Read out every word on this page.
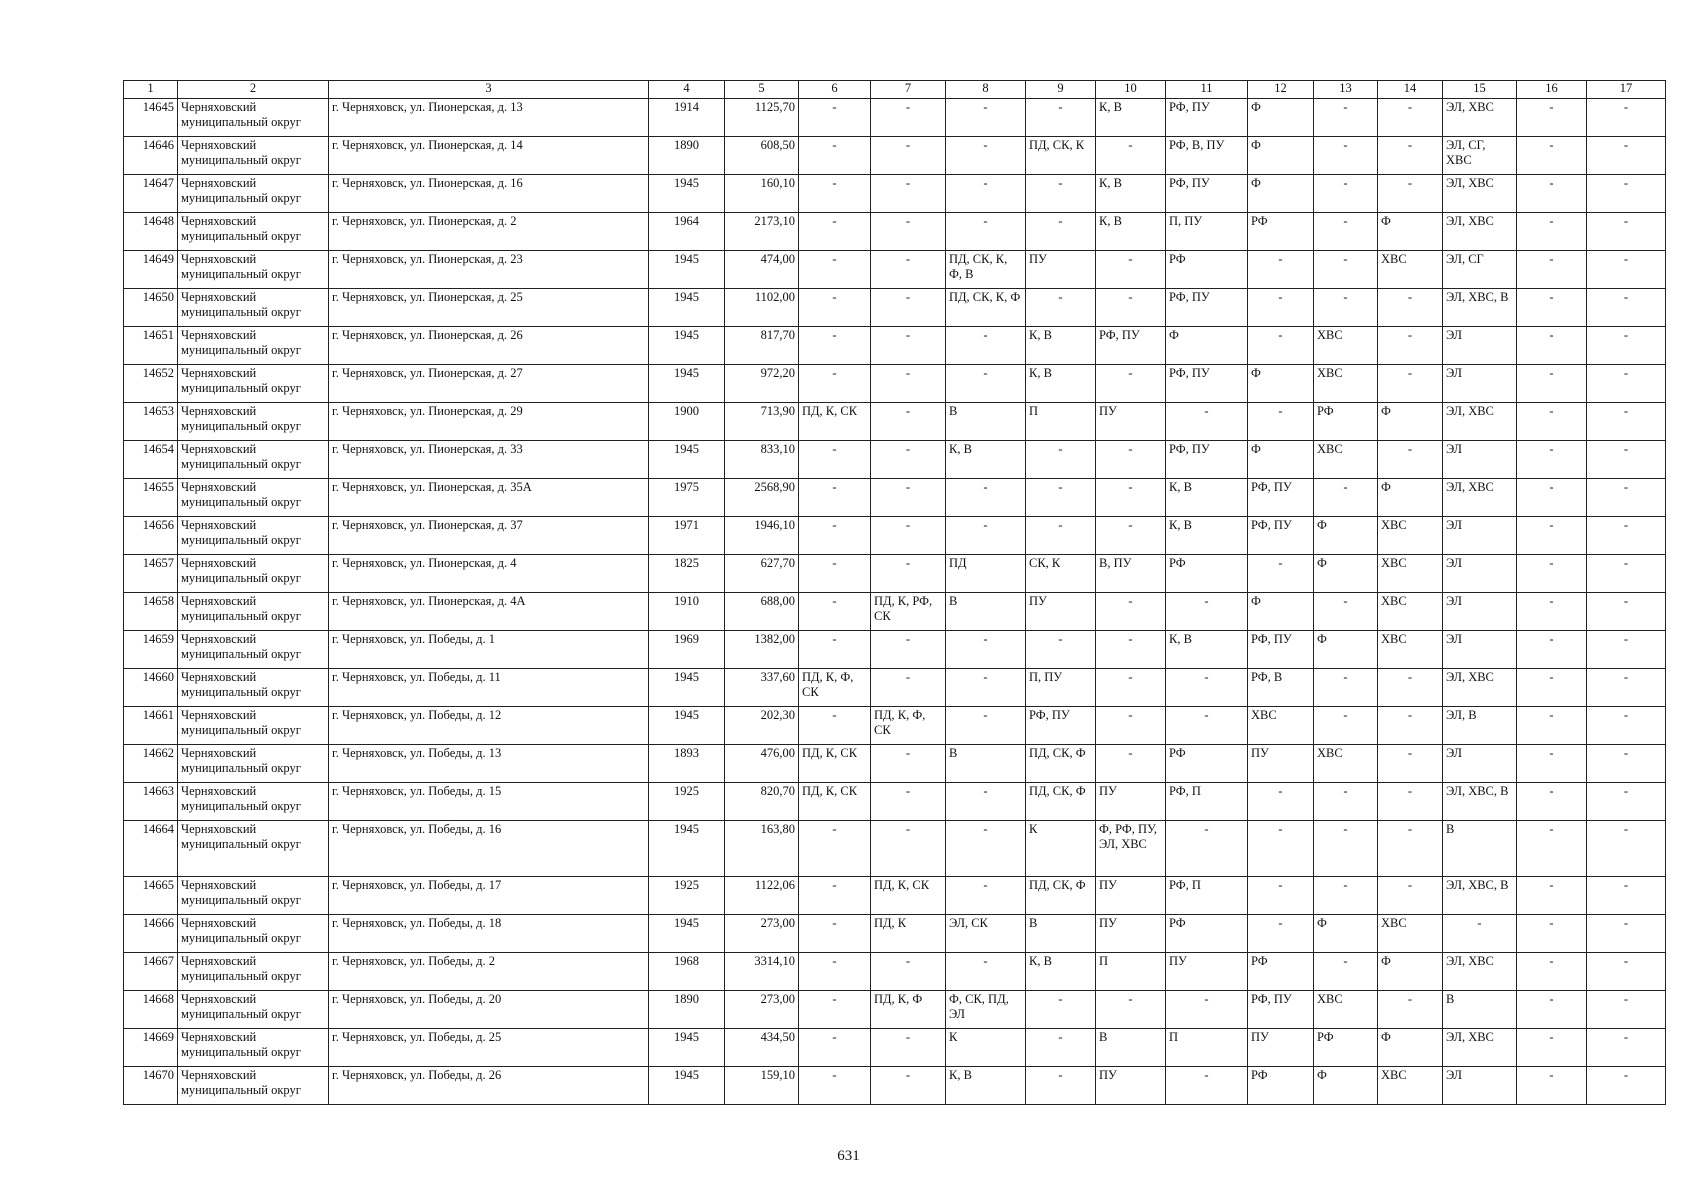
1	2	3	4	5	6	7	8	9	10	11	12	13	14	15	16	17
14645	Черняховский муниципальный округ	г. Черняховск, ул. Пионерская, д. 13	1914	1125,70	-	-	-	-	К, В	РФ, ПУ	Ф	-	-	ЭЛ, ХВС	-	-
14646	Черняховский муниципальный округ	г. Черняховск, ул. Пионерская, д. 14	1890	608,50	-	-	-	ПД, СК, К	-	РФ, В, ПУ	Ф	-	-	ЭЛ, СГ, ХВС	-	-
14647	Черняховский муниципальный округ	г. Черняховск, ул. Пионерская, д. 16	1945	160,10	-	-	-	-	К, В	РФ, ПУ	Ф	-	-	ЭЛ, ХВС	-	-
14648	Черняховский муниципальный округ	г. Черняховск, ул. Пионерская, д. 2	1964	2173,10	-	-	-	-	К, В	П, ПУ	РФ	-	Ф	ЭЛ, ХВС	-	-
14649	Черняховский муниципальный округ	г. Черняховск, ул. Пионерская, д. 23	1945	474,00	-	-	ПД, СК, К, Ф, В	ПУ	-	РФ	-	-	ХВС	ЭЛ, СГ	-	-
14650	Черняховский муниципальный округ	г. Черняховск, ул. Пионерская, д. 25	1945	1102,00	-	-	ПД, СК, К, Ф	-	-	РФ, ПУ	-	-	-	ЭЛ, ХВС, В	-	-
14651	Черняховский муниципальный округ	г. Черняховск, ул. Пионерская, д. 26	1945	817,70	-	-	-	К, В	РФ, ПУ	Ф	-	ХВС	-	ЭЛ	-	-
14652	Черняховский муниципальный округ	г. Черняховск, ул. Пионерская, д. 27	1945	972,20	-	-	-	К, В	-	РФ, ПУ	Ф	ХВС	-	ЭЛ	-	-
14653	Черняховский муниципальный округ	г. Черняховск, ул. Пионерская, д. 29	1900	713,90	ПД, К, СК	-	В	П	ПУ	-	-	РФ	Ф	ЭЛ, ХВС	-	-
14654	Черняховский муниципальный округ	г. Черняховск, ул. Пионерская, д. 33	1945	833,10	-	-	К, В	-	-	РФ, ПУ	Ф	ХВС	-	ЭЛ	-	-
14655	Черняховский муниципальный округ	г. Черняховск, ул. Пионерская, д. 35А	1975	2568,90	-	-	-	-	-	К, В	РФ, ПУ	-	Ф	ЭЛ, ХВС	-	-
14656	Черняховский муниципальный округ	г. Черняховск, ул. Пионерская, д. 37	1971	1946,10	-	-	-	-	-	К, В	РФ, ПУ	Ф	ХВС	ЭЛ	-	-
14657	Черняховский муниципальный округ	г. Черняховск, ул. Пионерская, д. 4	1825	627,70	-	-	ПД	СК, К	В, ПУ	РФ	-	Ф	ХВС	ЭЛ	-	-
14658	Черняховский муниципальный округ	г. Черняховск, ул. Пионерская, д. 4А	1910	688,00	-	ПД, К, РФ, СК	В	ПУ	-	-	Ф	-	ХВС	ЭЛ	-	-
14659	Черняховский муниципальный округ	г. Черняховск, ул. Победы, д. 1	1969	1382,00	-	-	-	-	-	К, В	РФ, ПУ	Ф	ХВС	ЭЛ	-	-
14660	Черняховский муниципальный округ	г. Черняховск, ул. Победы, д. 11	1945	337,60	ПД, К, Ф, СК	-	-	П, ПУ	-	-	РФ, В	-	-	ЭЛ, ХВС	-	-
14661	Черняховский муниципальный округ	г. Черняховск, ул. Победы, д. 12	1945	202,30	-	ПД, К, Ф, СК	-	РФ, ПУ	-	-	ХВС	-	-	ЭЛ, В	-	-
14662	Черняховский муниципальный округ	г. Черняховск, ул. Победы, д. 13	1893	476,00	ПД, К, СК	-	В	ПД, СК, Ф	-	РФ	ПУ	ХВС	-	ЭЛ	-	-
14663	Черняховский муниципальный округ	г. Черняховск, ул. Победы, д. 15	1925	820,70	ПД, К, СК	-	-	ПД, СК, Ф	ПУ	РФ, П	-	-	-	ЭЛ, ХВС, В	-	-
14664	Черняховский муниципальный округ	г. Черняховск, ул. Победы, д. 16	1945	163,80	-	-	-	К	Ф, РФ, ПУ, ЭЛ, ХВС	-	-	-	-	В	-	-
14665	Черняховский муниципальный округ	г. Черняховск, ул. Победы, д. 17	1925	1122,06	-	ПД, К, СК	-	ПД, СК, Ф	ПУ	РФ, П	-	-	-	ЭЛ, ХВС, В	-	-
14666	Черняховский муниципальный округ	г. Черняховск, ул. Победы, д. 18	1945	273,00	-	ПД, К	ЭЛ, СК	В	ПУ	РФ	-	Ф	ХВС	-	-	-
14667	Черняховский муниципальный округ	г. Черняховск, ул. Победы, д. 2	1968	3314,10	-	-	-	К, В	П	ПУ	РФ	-	Ф	ЭЛ, ХВС	-	-
14668	Черняховский муниципальный округ	г. Черняховск, ул. Победы, д. 20	1890	273,00	-	ПД, К, Ф	Ф, СК, ПД, ЭЛ	-	-	-	РФ, ПУ	ХВС	-	В	-	-
14669	Черняховский муниципальный округ	г. Черняховск, ул. Победы, д. 25	1945	434,50	-	-	К	-	В	П	ПУ	РФ	Ф	ЭЛ, ХВС	-	-
14670	Черняховский муниципальный округ	г. Черняховск, ул. Победы, д. 26	1945	159,10	-	-	К, В	-	ПУ	-	РФ	Ф	ХВС	ЭЛ	-	-
631
